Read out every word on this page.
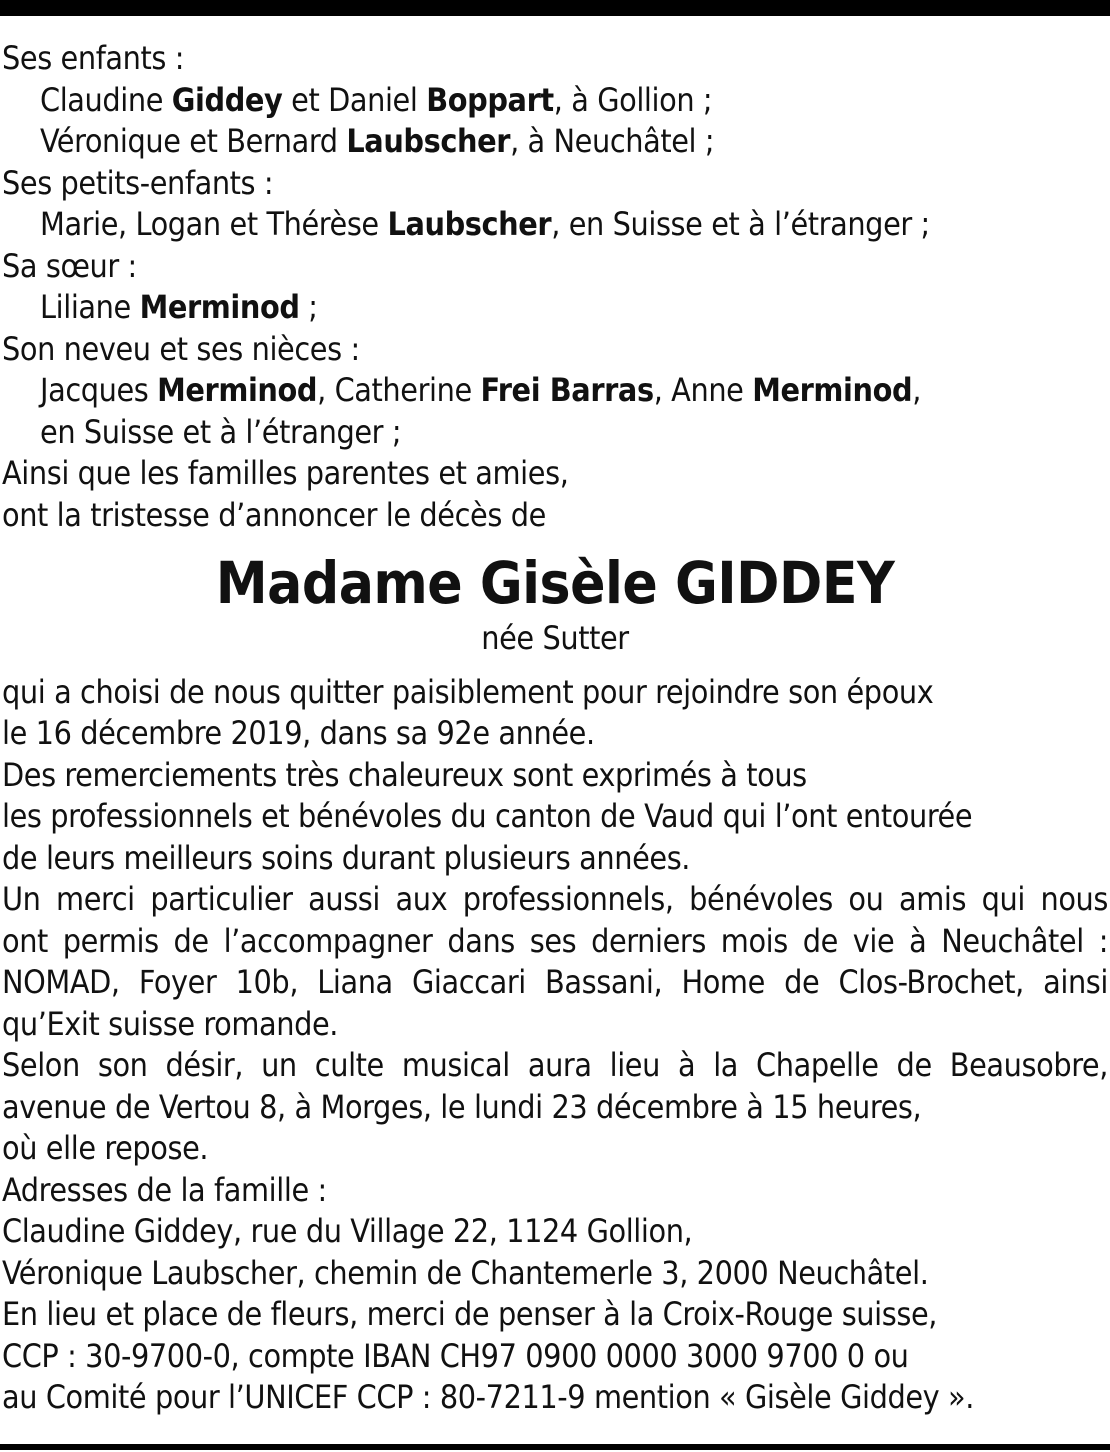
Ses enfants :
Claudine Giddey et Daniel Boppart, à Gollion ;
Véronique et Bernard Laubscher, à Neuchâtel ;
Ses petits-enfants :
Marie, Logan et Thérèse Laubscher, en Suisse et à l’étranger ;
Sa sœur :
Liliane Merminod ;
Son neveu et ses nièces :
Jacques Merminod, Catherine Frei Barras, Anne Merminod,
en Suisse et à l’étranger ;
Ainsi que les familles parentes et amies,
ont la tristesse d’annoncer le décès de
Madame Gisèle GIDDEY
née Sutter
qui a choisi de nous quitter paisiblement pour rejoindre son époux
le 16 décembre 2019, dans sa 92e année.
Des remerciements très chaleureux sont exprimés à tous
les professionnels et bénévoles du canton de Vaud qui l’ont entourée
de leurs meilleurs soins durant plusieurs années.
Un merci particulier aussi aux professionnels, bénévoles ou amis qui nous
ont permis de l’accompagner dans ses derniers mois de vie à Neuchâtel :
NOMAD, Foyer 10b, Liana Giaccari Bassani, Home de Clos-Brochet, ainsi
qu’Exit suisse romande.
Selon son désir, un culte musical aura lieu à la Chapelle de Beausobre,
avenue de Vertou 8, à Morges, le lundi 23 décembre à 15 heures,
où elle repose.
Adresses de la famille :
Claudine Giddey, rue du Village 22, 1124 Gollion,
Véronique Laubscher, chemin de Chantemerle 3, 2000 Neuchâtel.
En lieu et place de fleurs, merci de penser à la Croix-Rouge suisse,
CCP : 30-9700-0, compte IBAN CH97 0900 0000 3000 9700 0 ou
au Comité pour l’UNICEF CCP : 80-7211-9 mention « Gisèle Giddey ».
